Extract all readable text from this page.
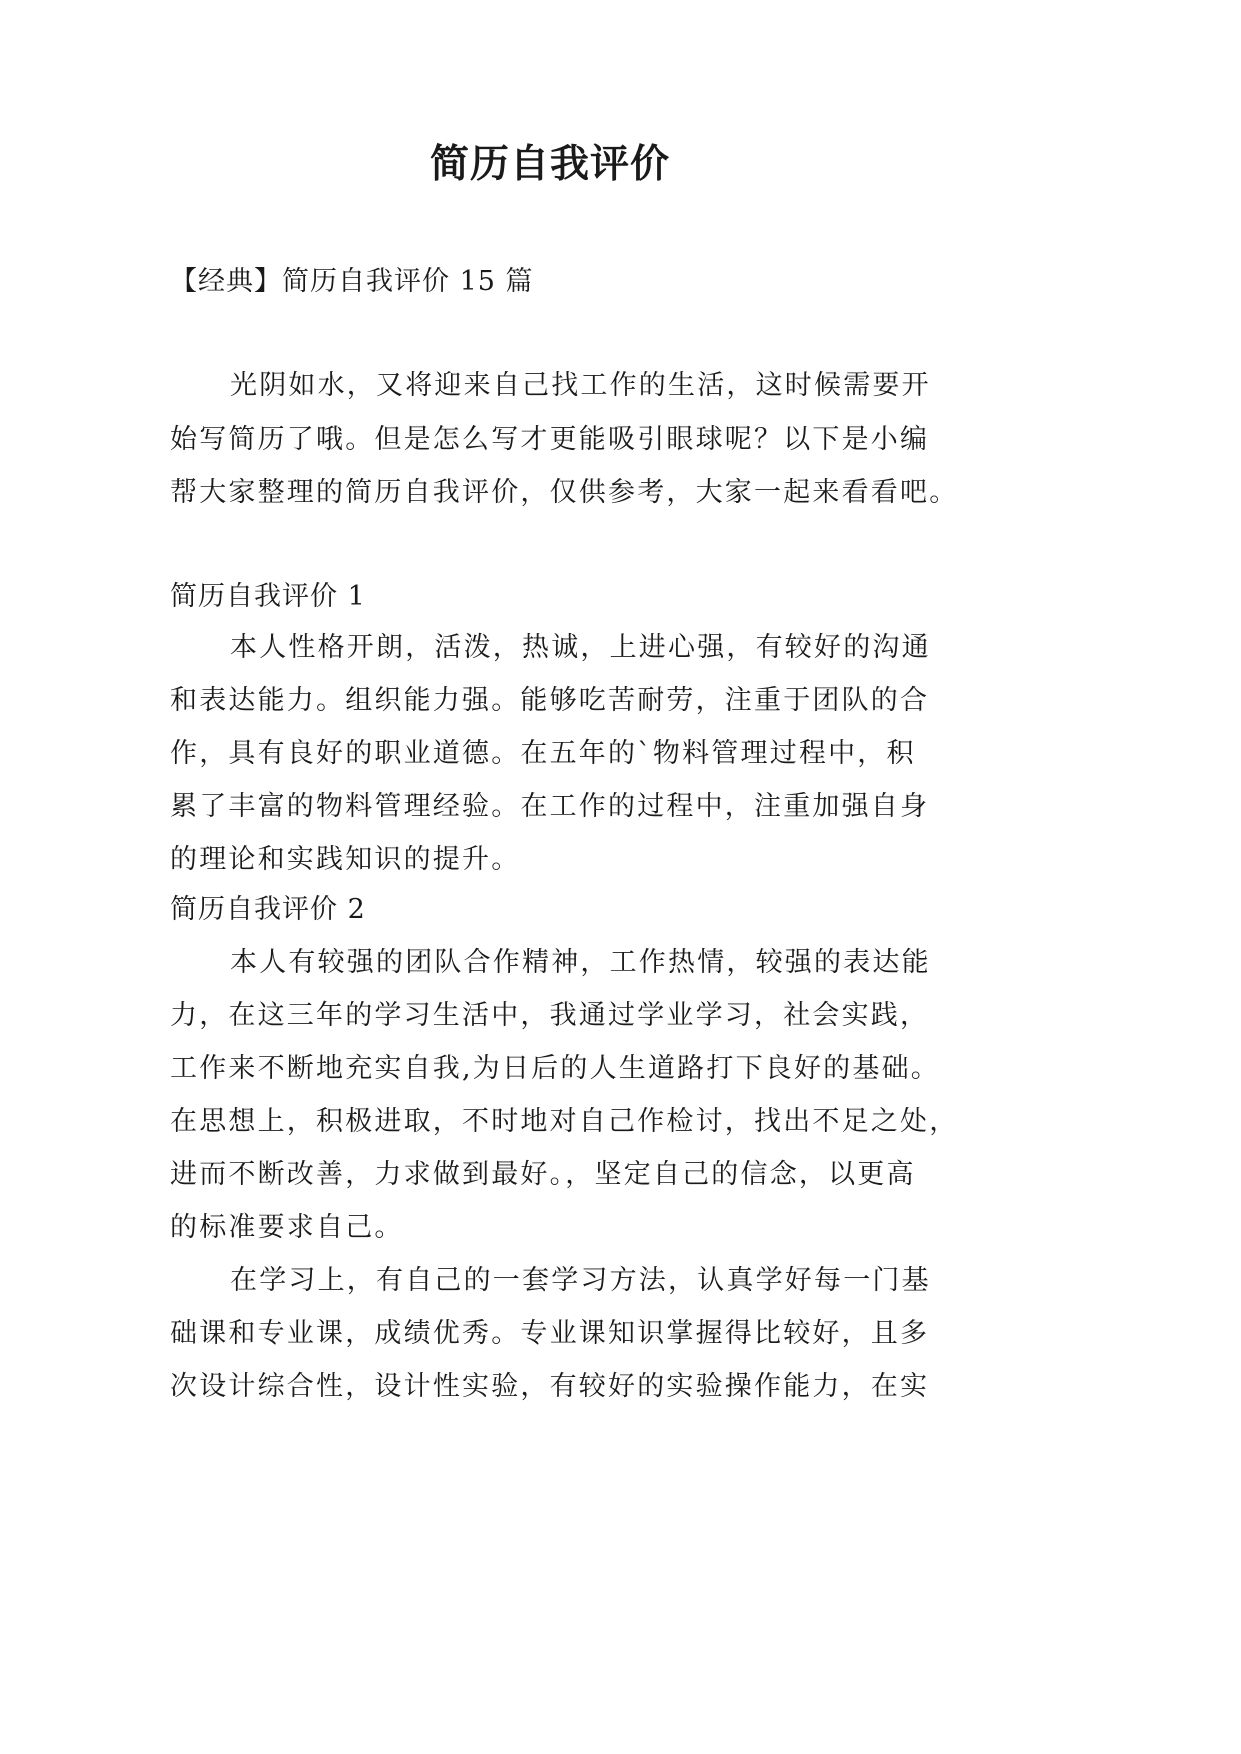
简历自我评价
【经典】简历自我评价 15 篇
光阴如水，又将迎来自己找工作的生活，这时候需要开
始写简历了哦。但是怎么写才更能吸引眼球呢？以下是小编
帮大家整理的简历自我评价，仅供参考，大家一起来看看吧。
简历自我评价 1
本人性格开朗，活泼，热诚，上进心强，有较好的沟通
和表达能力。组织能力强。能够吃苦耐劳，注重于团队的合
作，具有良好的职业道德。在五年的`物料管理过程中，积
累了丰富的物料管理经验。在工作的过程中，注重加强自身
的理论和实践知识的提升。
简历自我评价 2
本人有较强的团队合作精神，工作热情，较强的表达能
力，在这三年的学习生活中，我通过学业学习，社会实践，
工作来不断地充实自我,为日后的人生道路打下良好的基础。
在思想上，积极进取，不时地对自己作检讨，找出不足之处，
进而不断改善，力求做到最好。，坚定自己的信念，以更高
的标准要求自己。
在学习上，有自己的一套学习方法，认真学好每一门基
础课和专业课，成绩优秀。专业课知识掌握得比较好，且多
次设计综合性，设计性实验，有较好的实验操作能力，在实
